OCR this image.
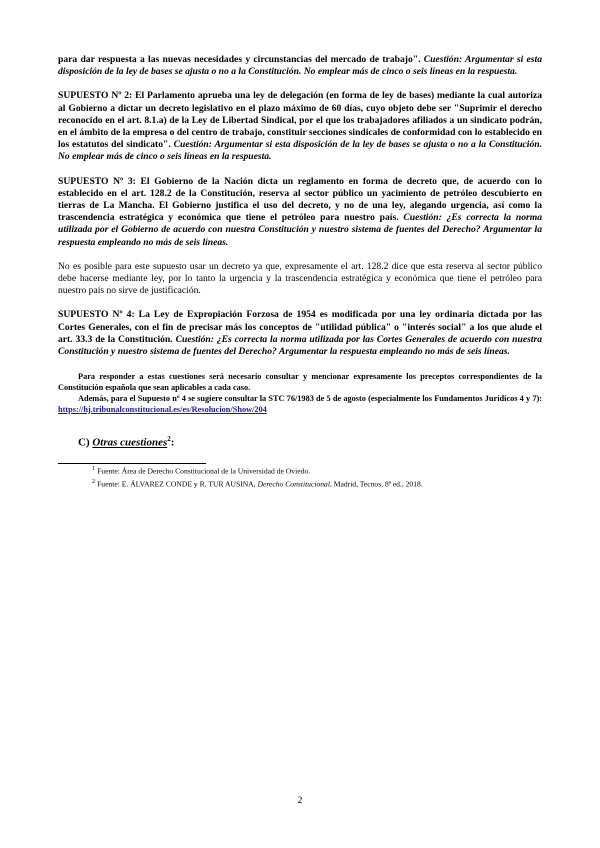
para dar respuesta a las nuevas necesidades y circunstancias del mercado de trabajo". Cuestión: Argumentar si esta disposición de la ley de bases se ajusta o no a la Constitución. No emplear más de cinco o seis líneas en la respuesta.

SUPUESTO Nº 2: El Parlamento aprueba una ley de delegación (en forma de ley de bases) mediante la cual autoriza al Gobierno a dictar un decreto legislativo en el plazo máximo de 60 días, cuyo objeto debe ser "Suprimir el derecho reconocido en el art. 8.1.a) de la Ley de Libertad Sindical, por el que los trabajadores afiliados a un sindicato podrán, en el ámbito de la empresa o del centro de trabajo, constituir secciones sindicales de conformidad con lo establecido en los estatutos del sindicato". Cuestión: Argumentar si esta disposición de la ley de bases se ajusta o no a la Constitución. No emplear más de cinco o seis líneas en la respuesta.

SUPUESTO Nº 3: El Gobierno de la Nación dicta un reglamento en forma de decreto que, de acuerdo con lo establecido en el art. 128.2 de la Constitución, reserva al sector público un yacimiento de petróleo descubierto en tierras de La Mancha. El Gobierno justifica el uso del decreto, y no de una ley, alegando urgencia, así como la trascendencia estratégica y económica que tiene el petróleo para nuestro país. Cuestión: ¿Es correcta la norma utilizada por el Gobierno de acuerdo con nuestra Constitución y nuestro sistema de fuentes del Derecho? Argumentar la respuesta empleando no más de seis líneas.

No es posible para este supuesto usar un decreto ya que, expresamente el art. 128.2 dice que esta reserva al sector público debe hacerse mediante ley, por lo tanto la urgencia y la trascendencia estratégica y económica que tiene el petróleo para nuestro país no sirve de justificación.

SUPUESTO Nº 4: La Ley de Expropiación Forzosa de 1954 es modificada por una ley ordinaria dictada por las Cortes Generales, con el fin de precisar más los conceptos de "utilidad pública" o "interés social" a los que alude el art. 33.3 de la Constitución. Cuestión: ¿Es correcta la norma utilizada por las Cortes Generales de acuerdo con nuestra Constitución y nuestro sistema de fuentes del Derecho? Argumentar la respuesta empleando no más de seis líneas.

Para responder a estas cuestiones será necesario consultar y mencionar expresamente los preceptos correspondientes de la Constitución española que sean aplicables a cada caso.

Además, para el Supuesto nº 4 se sugiere consultar la STC 76/1983 de 5 de agosto (especialmente los Fundamentos Jurídicos 4 y 7): https://hj.tribunalconstitucional.es/es/Resolucion/Show/204

C) Otras cuestiones$^2$:

$^1$ Fuente: Área de Derecho Constitucional de la Universidad de Oviedo.

$^2$ Fuente: E. ÁLVAREZ CONDE y R. TUR AUSINA, Derecho Constitucional, Madrid, Tecnos, 8ª ed., 2018.

2
